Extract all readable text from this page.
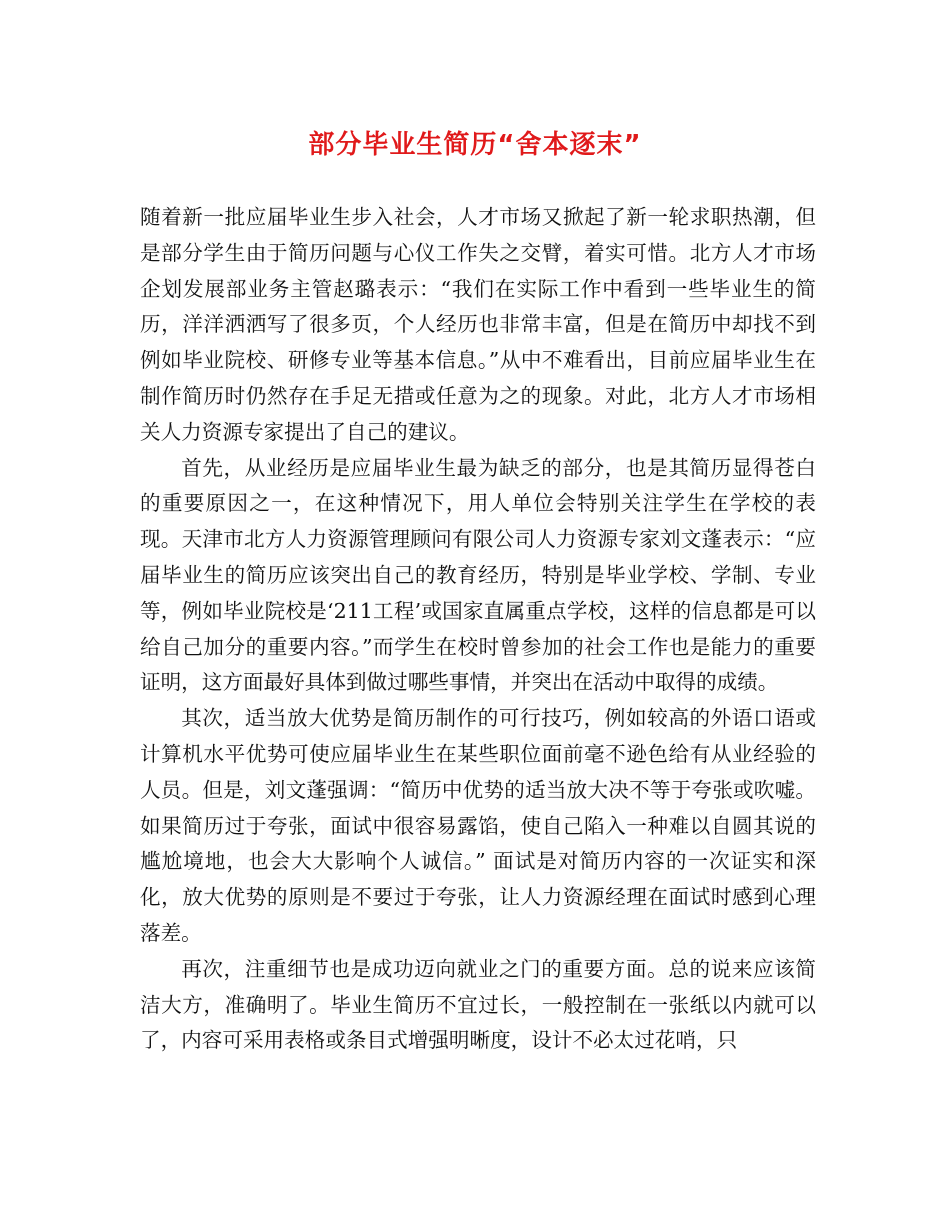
部分毕业生简历“舍本逐末”

随着新一批应届毕业生步入社会，人才市场又掀起了新一轮求职热潮，但是部分学生由于简历问题与心仪工作失之交臂，着实可惜。北方人才市场企划发展部业务主管赵璐表示：“我们在实际工作中看到一些毕业生的简历，洋洋洒洒写了很多页，个人经历也非常丰富，但是在简历中却找不到例如毕业院校、研修专业等基本信息。”从中不难看出，目前应届毕业生在制作简历时仍然存在手足无措或任意为之的现象。对此，北方人才市场相关人力资源专家提出了自己的建议。

首先，从业经历是应届毕业生最为缺乏的部分，也是其简历显得苍白的重要原因之一，在这种情况下，用人单位会特别关注学生在学校的表现。天津市北方人力资源管理顾问有限公司人力资源专家刘文蓬表示：“应届毕业生的简历应该突出自己的教育经历，特别是毕业学校、学制、专业等，例如毕业院校是‘211工程’或国家直属重点学校，这样的信息都是可以给自己加分的重要内容。”而学生在校时曾参加的社会工作也是能力的重要证明，这方面最好具体到做过哪些事情，并突出在活动中取得的成绩。

其次，适当放大优势是简历制作的可行技巧，例如较高的外语口语或计算机水平优势可使应届毕业生在某些职位面前毫不逊色给有从业经验的人员。但是，刘文蓬强调：“简历中优势的适当放大决不等于夸张或吹嘘。如果简历过于夸张，面试中很容易露馅，使自己陷入一种难以自圆其说的尴尬境地，也会大大影响个人诚信。” 面试是对简历内容的一次证实和深化，放大优势的原则是不要过于夸张，让人力资源经理在面试时感到心理落差。

再次，注重细节也是成功迈向就业之门的重要方面。总的说来应该简洁大方，准确明了。毕业生简历不宜过长，一般控制在一张纸以内就可以了，内容可采用表格或条目式增强明晰度，设计不必太过花哨，只
